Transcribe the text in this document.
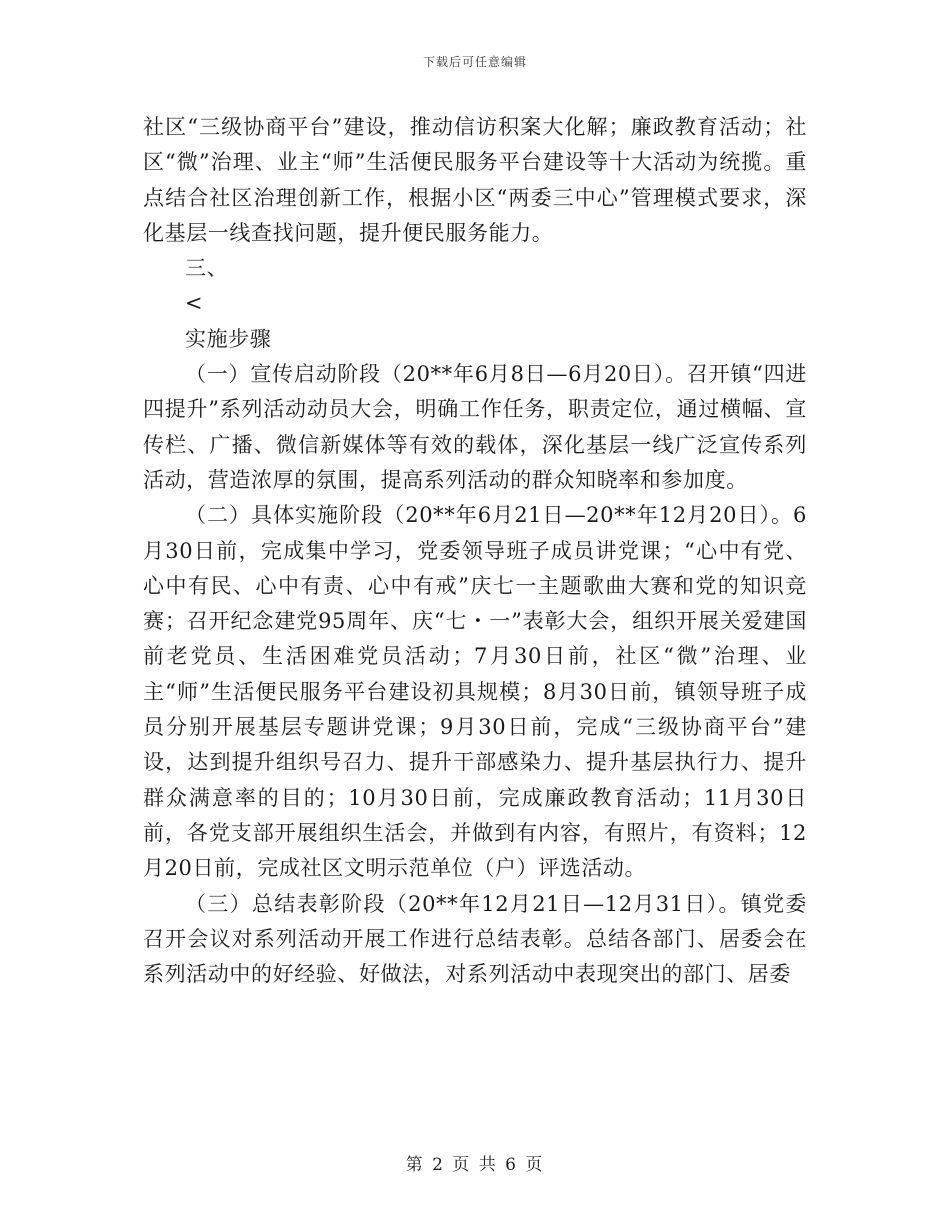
下载后可任意编辑

社区“三级协商平台”建设，推动信访积案大化解；廉政教育活动；社区“微”治理、业主“师”生活便民服务平台建设等十大活动为统揽。重点结合社区治理创新工作，根据小区“两委三中心”管理模式要求，深化基层一线查找问题，提升便民服务能力。

三、

<

实施步骤

（一）宣传启动阶段（20**年6月8日—6月20日）。召开镇“四进四提升”系列活动动员大会，明确工作任务，职责定位，通过横幅、宣传栏、广播、微信新媒体等有效的载体，深化基层一线广泛宣传系列活动，营造浓厚的氛围，提高系列活动的群众知晓率和参加度。

（二）具体实施阶段（20**年6月21日—20**年12月20日）。6月30日前，完成集中学习，党委领导班子成员讲党课；“心中有党、心中有民、心中有责、心中有戒”庆七一主题歌曲大赛和党的知识竞赛；召开纪念建党95周年、庆“七・一”表彰大会，组织开展关爱建国前老党员、生活困难党员活动；7月30日前，社区“微”治理、业主“师”生活便民服务平台建设初具规模；8月30日前，镇领导班子成员分别开展基层专题讲党课；9月30日前，完成“三级协商平台”建设，达到提升组织号召力、提升干部感染力、提升基层执行力、提升群众满意率的目的；10月30日前，完成廉政教育活动；11月30日前，各党支部开展组织生活会，并做到有内容，有照片，有资料；12月20日前，完成社区文明示范单位（户）评选活动。

（三）总结表彰阶段（20**年12月21日—12月31日）。镇党委召开会议对系列活动开展工作进行总结表彰。总结各部门、居委会在系列活动中的好经验、好做法，对系列活动中表现突出的部门、居委

第 2 页 共 6 页
